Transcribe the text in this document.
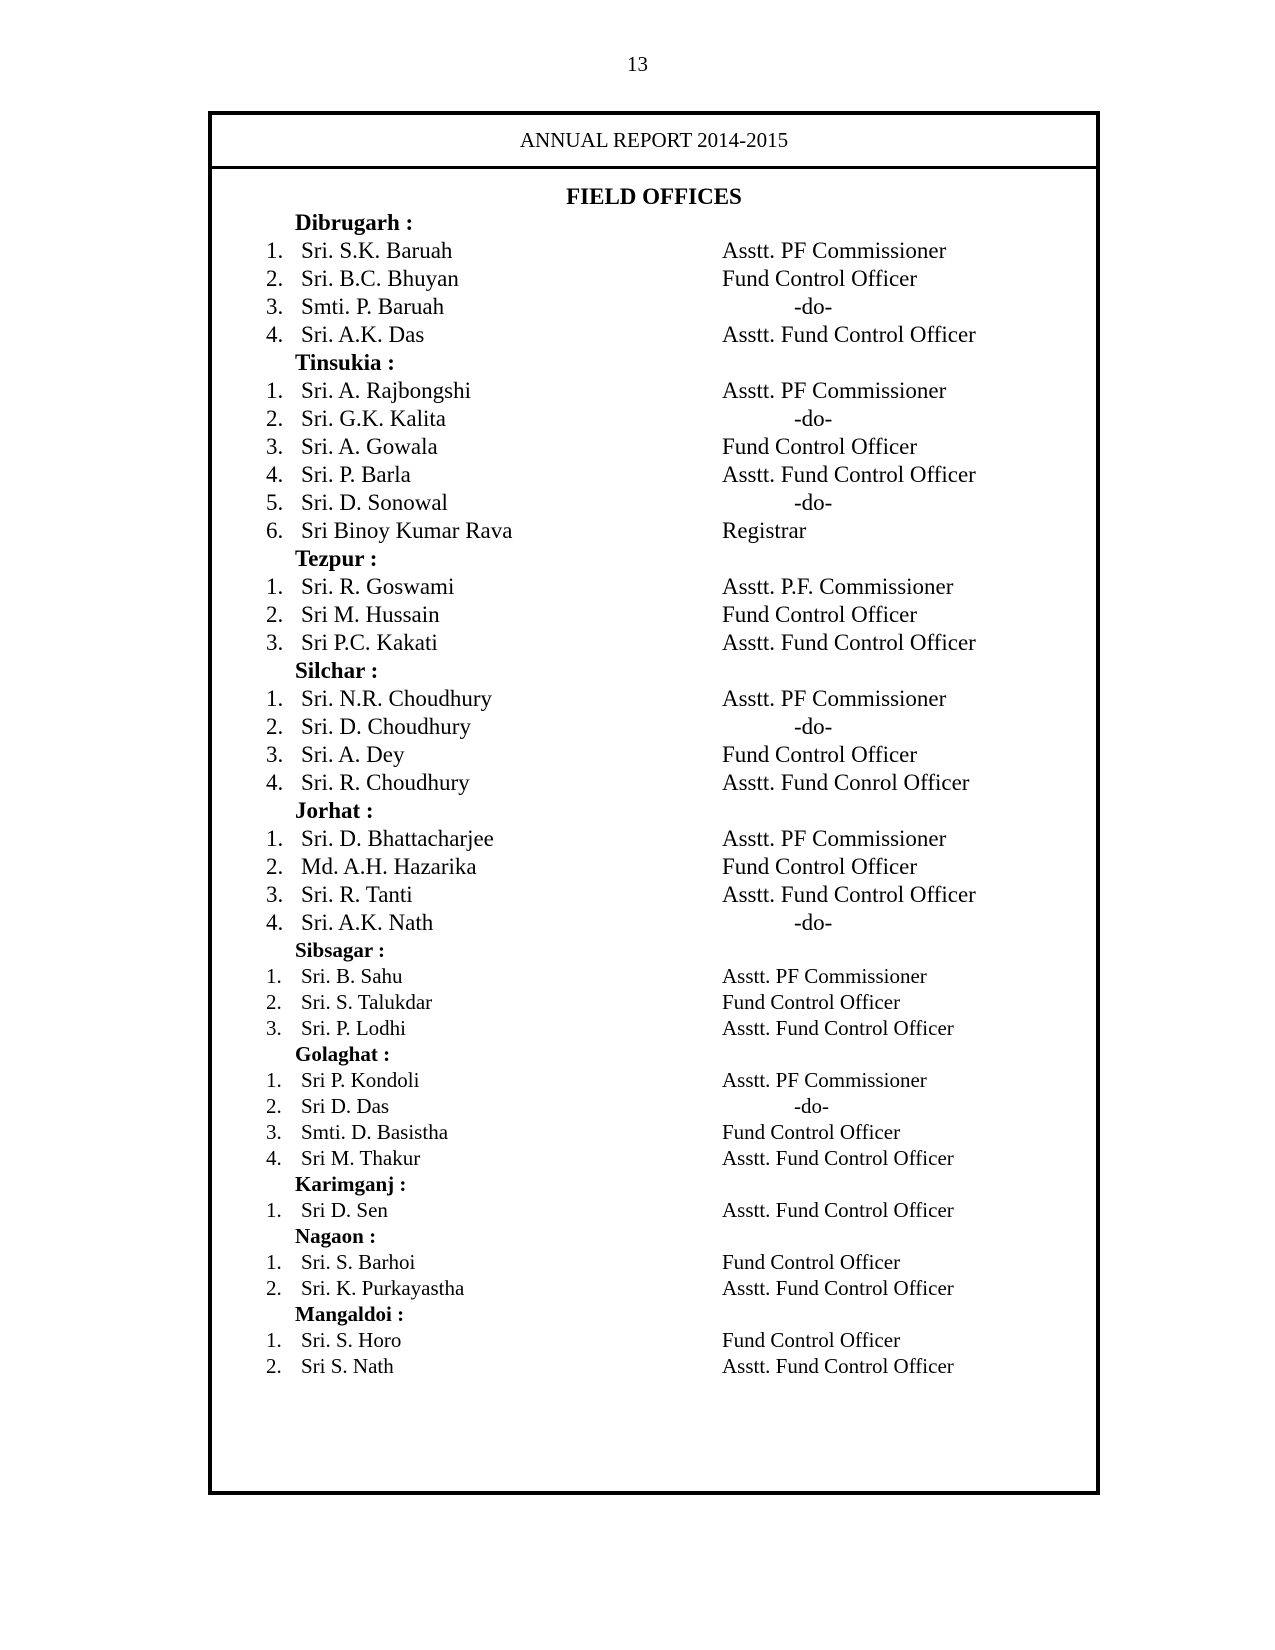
13
ANNUAL REPORT 2014-2015
FIELD OFFICES
Dibrugarh :
1. Sri. S.K. Baruah	Asstt. PF Commissioner
2. Sri. B.C. Bhuyan	Fund Control Officer
3. Smti. P. Baruah	-do-
4. Sri. A.K. Das	Asstt. Fund Control Officer
Tinsukia :
1. Sri. A. Rajbongshi	Asstt. PF Commissioner
2. Sri. G.K. Kalita	-do-
3. Sri. A. Gowala	Fund Control Officer
4. Sri. P. Barla	Asstt. Fund Control Officer
5. Sri. D. Sonowal	-do-
6. Sri Binoy Kumar Rava	Registrar
Tezpur :
1. Sri. R. Goswami	Asstt. P.F. Commissioner
2. Sri M. Hussain	Fund Control Officer
3. Sri P.C. Kakati	Asstt. Fund Control Officer
Silchar :
1. Sri. N.R. Choudhury	Asstt. PF Commissioner
2. Sri. D. Choudhury	-do-
3. Sri. A. Dey	Fund Control Officer
4. Sri. R. Choudhury	Asstt. Fund Conrol Officer
Jorhat :
1. Sri. D. Bhattacharjee	Asstt. PF Commissioner
2. Md. A.H. Hazarika	Fund Control Officer
3. Sri. R. Tanti	Asstt. Fund Control Officer
4. Sri. A.K. Nath	-do-
Sibsagar :
1. Sri. B. Sahu	Asstt. PF Commissioner
2. Sri. S. Talukdar	Fund Control Officer
3. Sri. P. Lodhi	Asstt. Fund Control Officer
Golaghat :
1. Sri P. Kondoli	Asstt. PF Commissioner
2. Sri D. Das	-do-
3. Smti. D. Basistha	Fund Control Officer
4. Sri M. Thakur	Asstt. Fund Control Officer
Karimganj :
1. Sri D. Sen	Asstt. Fund Control Officer
Nagaon :
1. Sri. S. Barhoi	Fund Control Officer
2. Sri. K. Purkayastha	Asstt. Fund Control Officer
Mangaldoi :
1. Sri. S. Horo	Fund Control Officer
2. Sri S. Nath	Asstt. Fund Control Officer
